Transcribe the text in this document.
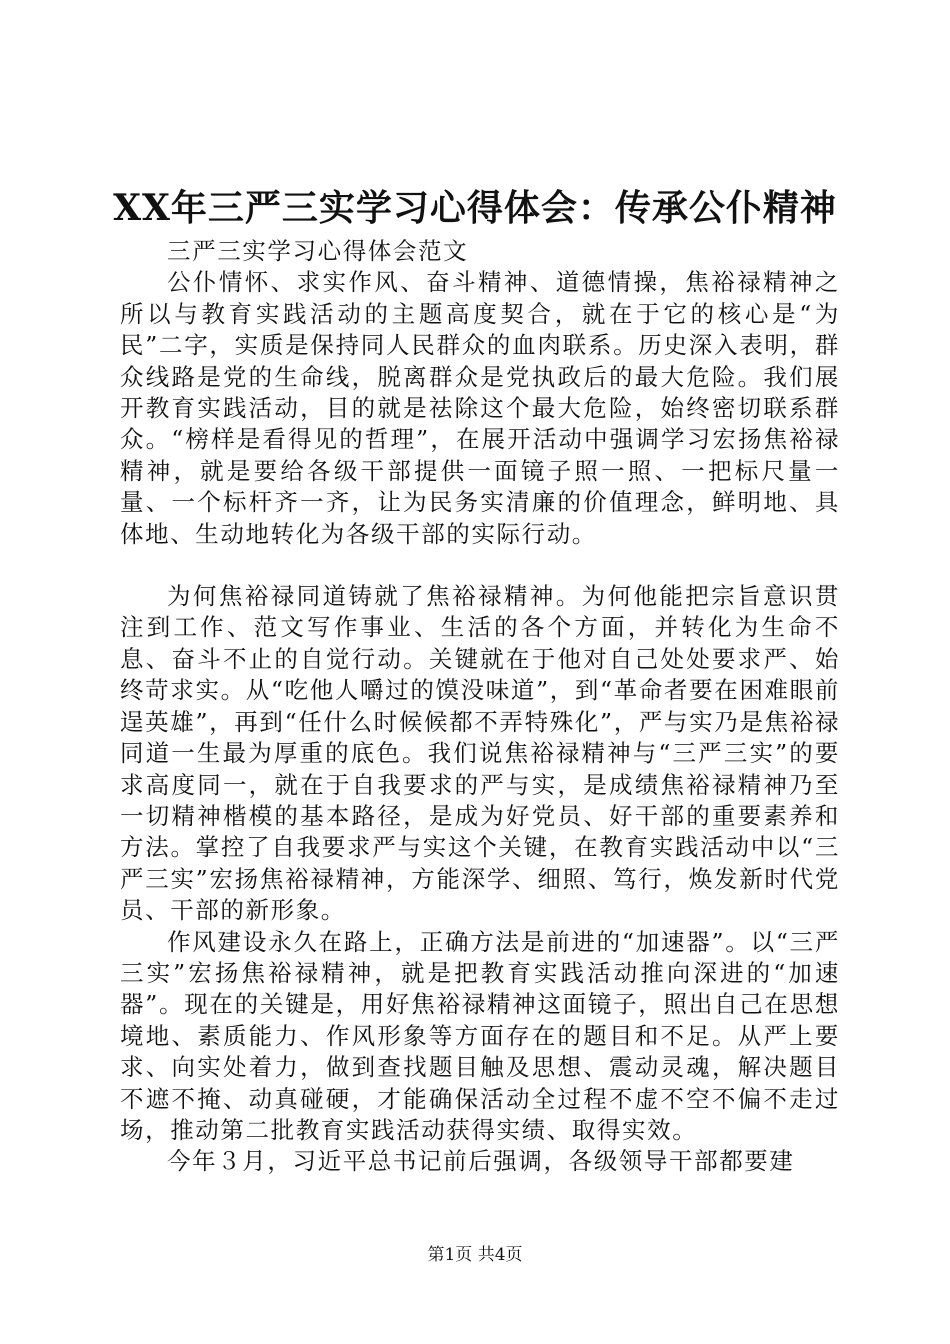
XX年三严三实学习心得体会：传承公仆精神

三严三实学习心得体会范文

公仆情怀、求实作风、奋斗精神、道德情操，焦裕禄精神之所以与教育实践活动的主题高度契合，就在于它的核心是“为民”二字，实质是保持同人民群众的血肉联系。历史深入表明，群众线路是党的生命线，脱离群众是党执政后的最大危险。我们展开教育实践活动，目的就是祛除这个最大危险，始终密切联系群众。“榜样是看得见的哲理”，在展开活动中强调学习宏扬焦裕禄精神，就是要给各级干部提供一面镜子照一照、一把标尺量一量、一个标杆齐一齐，让为民务实清廉的价值理念，鲜明地、具体地、生动地转化为各级干部的实际行动。

为何焦裕禄同道铸就了焦裕禄精神。为何他能把宗旨意识贯注到工作、范文写作事业、生活的各个方面，并转化为生命不息、奋斗不止的自觉行动。关键就在于他对自己处处要求严、始终苛求实。从“吃他人嚼过的馍没味道”，到“革命者要在困难眼前逞英雄”，再到“任什么时候候都不弄特殊化”，严与实乃是焦裕禄同道一生最为厚重的底色。我们说焦裕禄精神与“三严三实”的要求高度同一，就在于自我要求的严与实，是成绩焦裕禄精神乃至一切精神楷模的基本路径，是成为好党员、好干部的重要素养和方法。掌控了自我要求严与实这个关键，在教育实践活动中以“三严三实”宏扬焦裕禄精神，方能深学、细照、笃行，焕发新时代党员、干部的新形象。

作风建设永久在路上，正确方法是前进的“加速器”。以“三严三实”宏扬焦裕禄精神，就是把教育实践活动推向深进的“加速器”。现在的关键是，用好焦裕禄精神这面镜子，照出自己在思想境地、素质能力、作风形象等方面存在的题目和不足。从严上要求、向实处着力，做到查找题目触及思想、震动灵魂，解决题目不遮不掩、动真碰硬，才能确保活动全过程不虚不空不偏不走过场，推动第二批教育实践活动获得实绩、取得实效。

今年３月，习近平总书记前后强调，各级领导干部都要建

第1页 共4页
